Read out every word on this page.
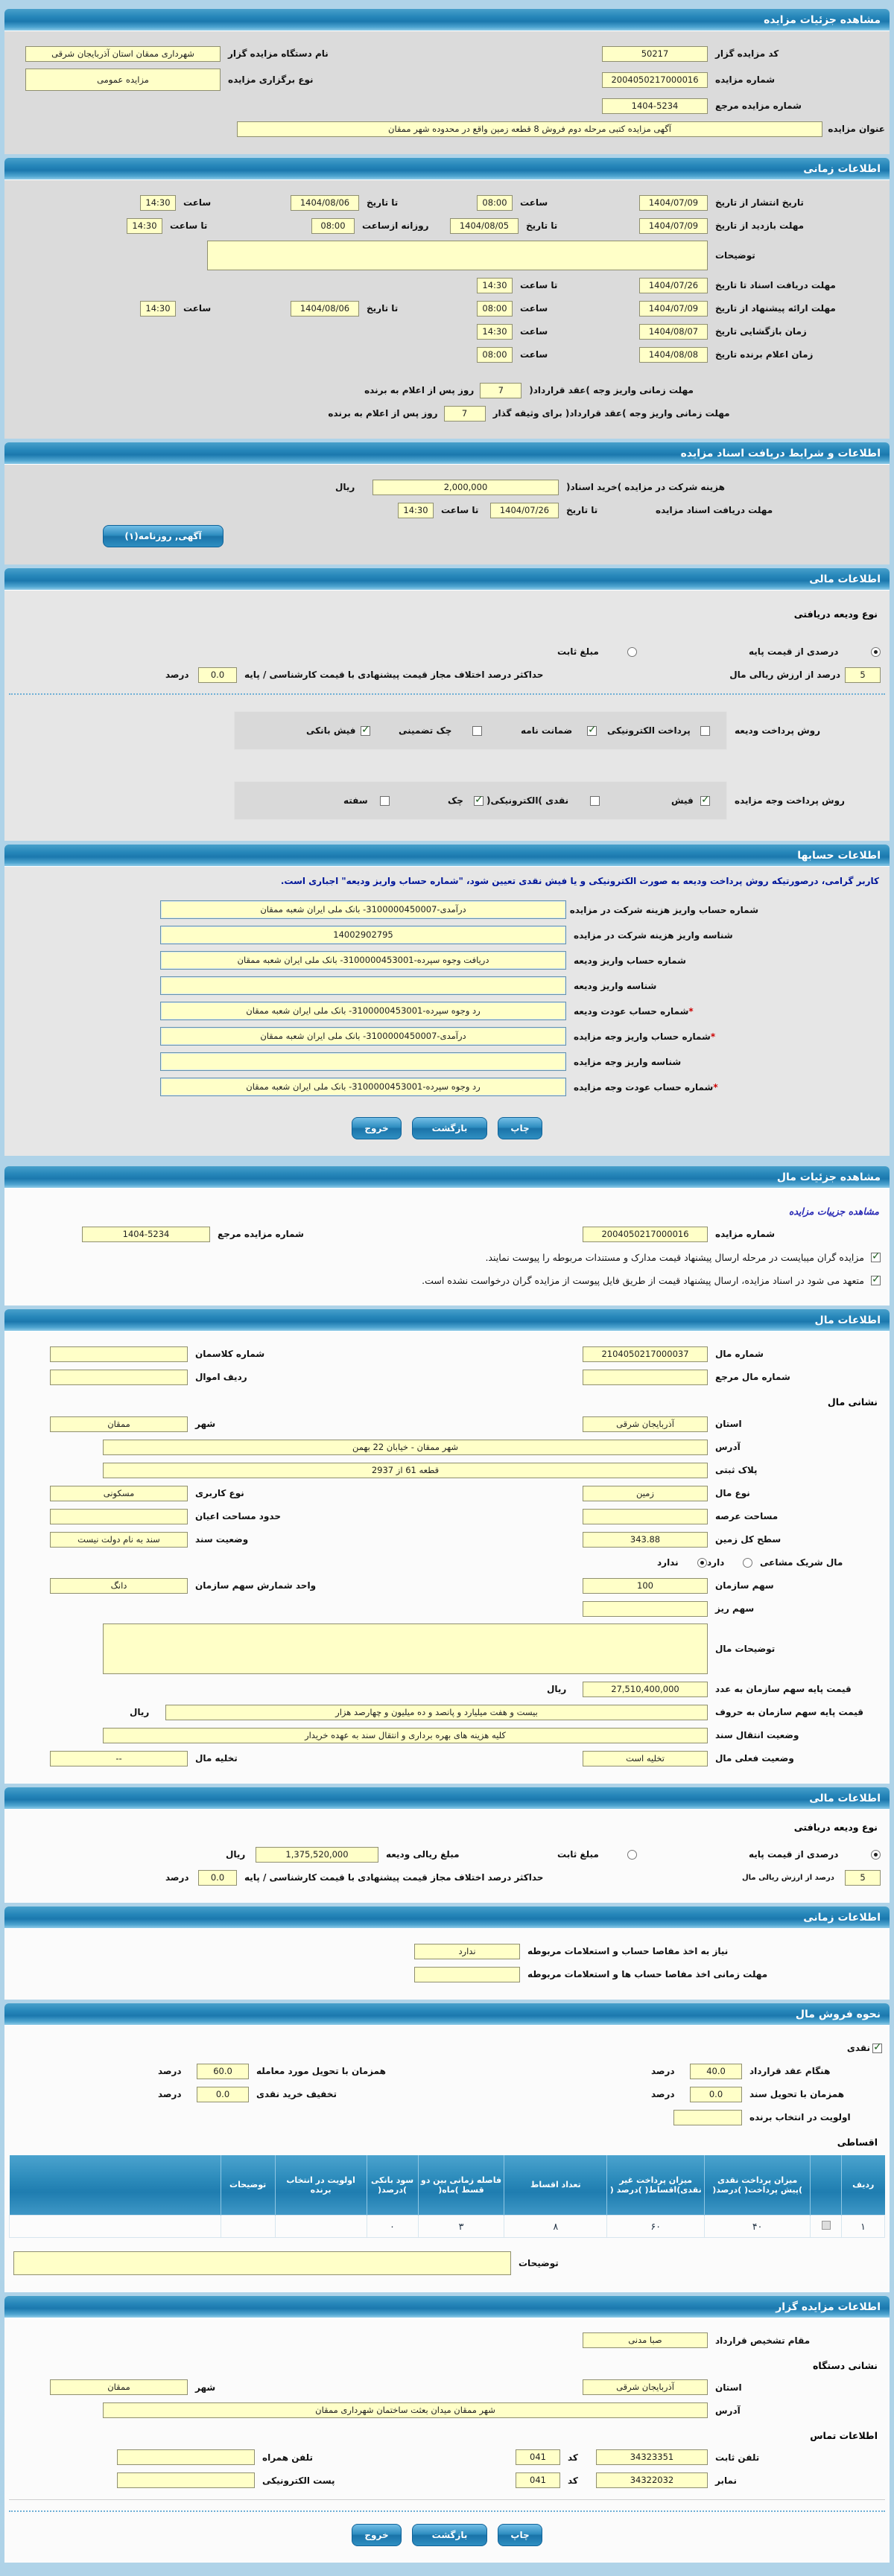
مشاهده جزئیات مزایده
کد مزایده گزار
50217
نام دستگاه مزایده گزار
شهرداری ممقان استان آذربایجان شرقی
شماره مزایده
2004050217000016
نوع برگزاری مزایده
مزایده عمومی
شماره مزایده مرجع
1404-5234
عنوان مزایده
آگهی مزایده کتبی مرحله دوم فروش 8 قطعه زمین واقع در محدوده شهر ممقان
اطلاعات زمانی
تاریخ انتشار از تاریخ
1404/07/09
ساعت
08:00
تا تاریخ
1404/08/06
ساعت
14:30
مهلت بازدید از تاریخ
1404/07/09
تا تاریخ
1404/08/05
روزانه ازساعت
08:00
تا ساعت
14:30
توضیحات
مهلت دریافت اسناد تا تاریخ
1404/07/26
تا ساعت
14:30
مهلت ارائه پیشنهاد از تاریخ
1404/07/09
ساعت
08:00
تا تاریخ
1404/08/06
ساعت
14:30
زمان بازگشایی تاریخ
1404/08/07
ساعت
14:30
زمان اعلام برنده تاریخ
1404/08/08
ساعت
08:00
مهلت زمانی واریز وجه )عقد قرارداد(
7
روز پس از اعلام به برنده
مهلت زمانی واریز وجه )عقد قرارداد( برای وثیقه گذار
7
روز پس از اعلام به برنده
اطلاعات و شرایط دریافت اسناد مزایده
هزینه شرکت در مزایده )خرید اسناد(
2,000,000
ریال
مهلت دریافت اسناد مزایده
تا تاریخ
1404/07/26
تا ساعت
14:30
آگهی, روزنامه(۱)
اطلاعات مالی
نوع ودیعه دریافتی
درصدی از قیمت پایه
مبلغ ثابت
5
درصد از ارزش ریالی مال
حداکثر درصد اختلاف مجاز قیمت پیشنهادی با قیمت کارشناسی / پایه
0.0
درصد
روش پرداخت ودیعه
پرداخت الکترونیکی
✓
ضمانت نامه
چک تضمینی
✓
فیش بانکی
روش پرداخت وجه مزایده
✓
فیش
نقدی )الکترونیکی(
✓
چک
سفته
اطلاعات حسابها
کاربر گرامی، درصورتیکه روش پرداخت ودیعه به صورت الکترونیکی و یا فیش نقدی تعیین شود، "شماره حساب واریز ودیعه" اجباری است.
شماره حساب واریز هزینه شرکت در مزایده
درآمدی-3100000450007- بانک ملی ایران شعبه ممقان
شناسه واریز هزینه شرکت در مزایده
14002902795
شماره حساب واریز ودیعه
دریافت وجوه سپرده-3100000453001- بانک ملی ایران شعبه ممقان
شناسه واریز ودیعه
*شماره حساب عودت ودیعه
رد وجوه سپرده-3100000453001- بانک ملی ایران شعبه ممقان
*شماره حساب واریز وجه مزایده
درآمدی-3100000450007- بانک ملی ایران شعبه ممقان
شناسه واریز وجه مزایده
*شماره حساب عودت وجه مزایده
رد وجوه سپرده-3100000453001- بانک ملی ایران شعبه ممقان
چاپ
بازگشت
خروج
مشاهده جزئیات مال
مشاهده جزییات مزایده
شماره مزایده
2004050217000016
شماره مزایده مرجع
1404-5234
✓
مزایده گران میبایست در مرحله ارسال پیشنهاد قیمت مدارک و مستندات مربوطه را پیوست نمایند.
✓
متعهد می شود در اسناد مزایده، ارسال پیشنهاد قیمت از طریق فایل پیوست از مزایده گران درخواست نشده است.
اطلاعات مال
شماره مال
2104050217000037
شماره کلاسمان
شماره مال مرجع
ردیف اموال
نشانی مال
استان
آذربایجان شرقی
شهر
ممقان
آدرس
شهر ممقان - خیابان 22 بهمن
پلاک ثبتی
قطعه 61 از 2937
نوع مال
زمین
نوع کاربری
مسکونی
مساحت عرصه
حدود مساحت اعیان
سطح کل زمین
343.88
وضعیت سند
سند به نام دولت نیست
مال شریک مشاعی
دارد
ندارد
سهم سازمان
100
واحد شمارش سهم سازمان
دانگ
سهم ریز
توضیحات مال
قیمت پایه سهم سازمان به عدد
27,510,400,000
ریال
قیمت پایه سهم سازمان به حروف
بیست و هفت میلیارد و پانصد و ده میلیون و چهارصد هزار
ریال
وضعیت انتقال سند
کلیه هزینه های بهره برداری و انتقال سند به عهده خریدار
وضعیت فعلی مال
تخلیه است
تخلیه مال
--
اطلاعات مالی
نوع ودیعه دریافتی
درصدی از قیمت پایه
مبلغ ثابت
مبلغ ریالی ودیعه
1,375,520,000
ریال
5
درصد از ارزش ریالی مال
حداکثر درصد اختلاف مجاز قیمت پیشنهادی با قیمت کارشناسی / پایه
0.0
درصد
اطلاعات زمانی
نیاز به اخذ مفاصا حساب و استعلامات مربوطه
ندارد
مهلت زمانی اخذ مفاصا حساب ها و استعلامات مربوطه
نحوه فروش مال
✓
نقدی
هنگام عقد قرارداد
40.0
درصد
همزمان با تحویل مورد معامله
60.0
درصد
همزمان با تحویل سند
0.0
درصد
تخفیف خرید نقدی
0.0
درصد
اولویت در انتخاب برنده
اقساطی
ردیف		میزان پرداخت نقدی )پیش پرداخت( )درصد(	میزان پرداخت غیر نقدی)اقساط( )درصد (	تعداد اقساط	فاصله زمانی بین دو قسط )ماه(	سود بانکی )درصد(	اولویت در انتخاب برنده	توضیحات	
۱		۴۰	۶۰	۸	۳	۰			
توضیحات
اطلاعات مزایده گزار
مقام تشخیص قرارداد
صبا مدنی
نشانی دستگاه
استان
آذربایجان شرقی
شهر
ممقان
آدرس
شهر ممقان میدان بعثت ساختمان شهرداری ممقان
اطلاعات تماس
تلفن ثابت
34323351
کد
041
تلفن همراه
نمابر
34322032
کد
041
پست الکترونیکی
چاپ
بازگشت
خروج
